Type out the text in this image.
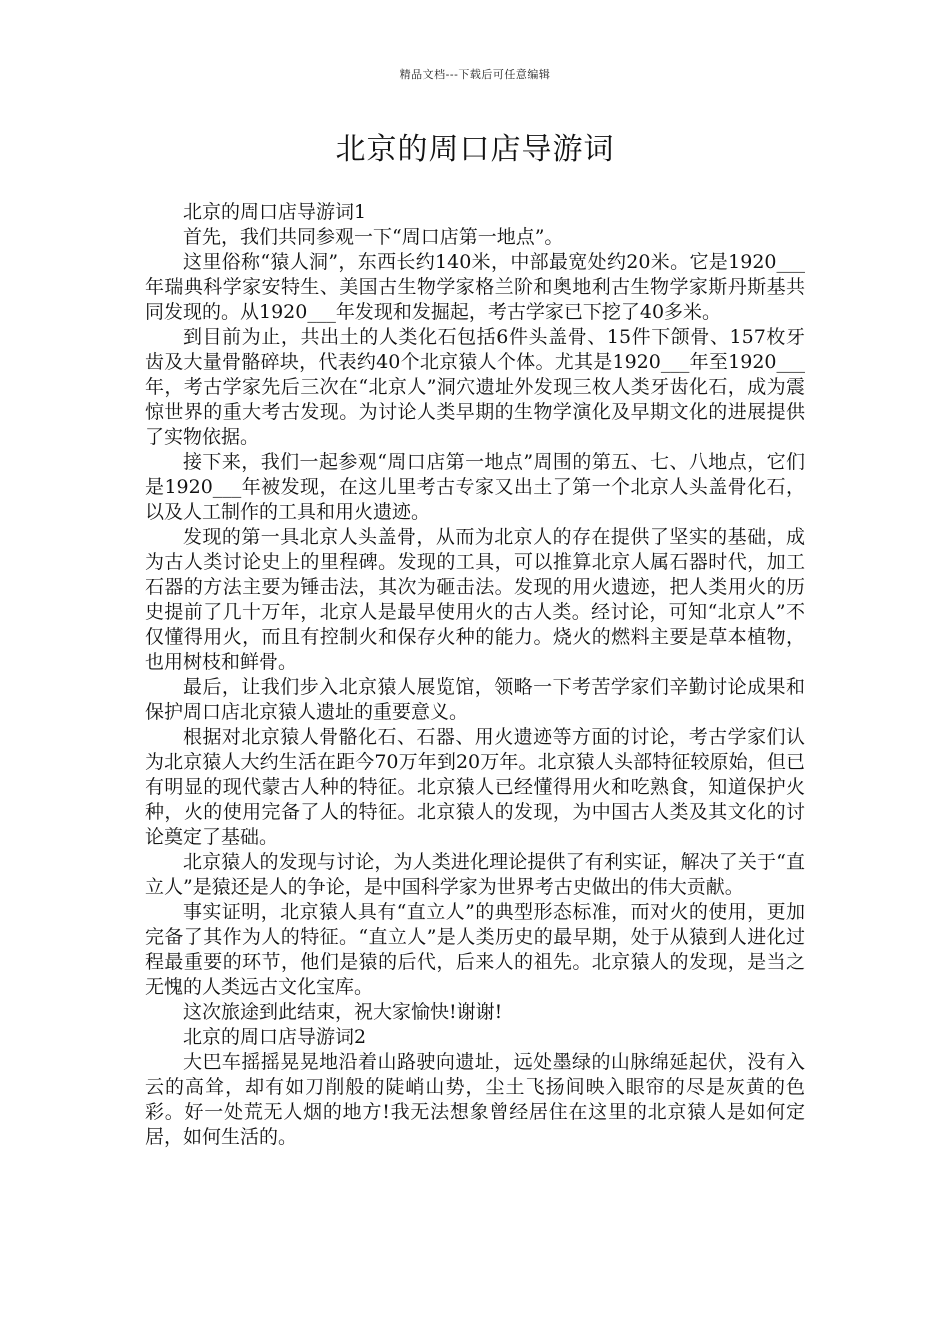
精品文档---下载后可任意编辑
北京的周口店导游词

北京的周口店导游词1

首先，我们共同参观一下“周口店第一地点”。

这里俗称“猿人洞”，东西长约140米，中部最宽处约20米。它是1920___年瑞典科学家安特生、美国古生物学家格兰阶和奥地利古生物学家斯丹斯基共同发现的。从1920___年发现和发掘起，考古学家已下挖了40多米。

到目前为止，共出土的人类化石包括6件头盖骨、15件下颌骨、157枚牙齿及大量骨骼碎块，代表约40个北京猿人个体。尤其是1920___年至1920___年，考古学家先后三次在“北京人”洞穴遗址外发现三枚人类牙齿化石，成为震惊世界的重大考古发现。为讨论人类早期的生物学演化及早期文化的进展提供了实物依据。

接下来，我们一起参观“周口店第一地点”周围的第五、七、八地点，它们是1920___年被发现，在这儿里考古专家又出土了第一个北京人头盖骨化石，以及人工制作的工具和用火遗迹。

发现的第一具北京人头盖骨，从而为北京人的存在提供了坚实的基础，成为古人类讨论史上的里程碑。发现的工具，可以推算北京人属石器时代，加工石器的方法主要为锤击法，其次为砸击法。发现的用火遗迹，把人类用火的历史提前了几十万年，北京人是最早使用火的古人类。经讨论，可知“北京人”不仅懂得用火，而且有控制火和保存火种的能力。烧火的燃料主要是草本植物，也用树枝和鲜骨。

最后，让我们步入北京猿人展览馆，领略一下考苦学家们辛勤讨论成果和保护周口店北京猿人遗址的重要意义。

根据对北京猿人骨骼化石、石器、用火遗迹等方面的讨论，考古学家们认为北京猿人大约生活在距今70万年到20万年。北京猿人头部特征较原始，但已有明显的现代蒙古人种的特征。北京猿人已经懂得用火和吃熟食，知道保护火种，火的使用完备了人的特征。北京猿人的发现，为中国古人类及其文化的讨论奠定了基础。

北京猿人的发现与讨论，为人类进化理论提供了有利实证，解决了关于“直立人”是猿还是人的争论，是中国科学家为世界考古史做出的伟大贡献。

事实证明，北京猿人具有“直立人”的典型形态标准，而对火的使用，更加完备了其作为人的特征。“直立人”是人类历史的最早期，处于从猿到人进化过程最重要的环节，他们是猿的后代，后来人的祖先。北京猿人的发现，是当之无愧的人类远古文化宝库。

这次旅途到此结束，祝大家愉快!谢谢!

北京的周口店导游词2

大巴车摇摇晃晃地沿着山路驶向遗址，远处墨绿的山脉绵延起伏，没有入云的高耸，却有如刀削般的陡峭山势，尘土飞扬间映入眼帘的尽是灰黄的色彩。好一处荒无人烟的地方!我无法想象曾经居住在这里的北京猿人是如何定居，如何生活的。
